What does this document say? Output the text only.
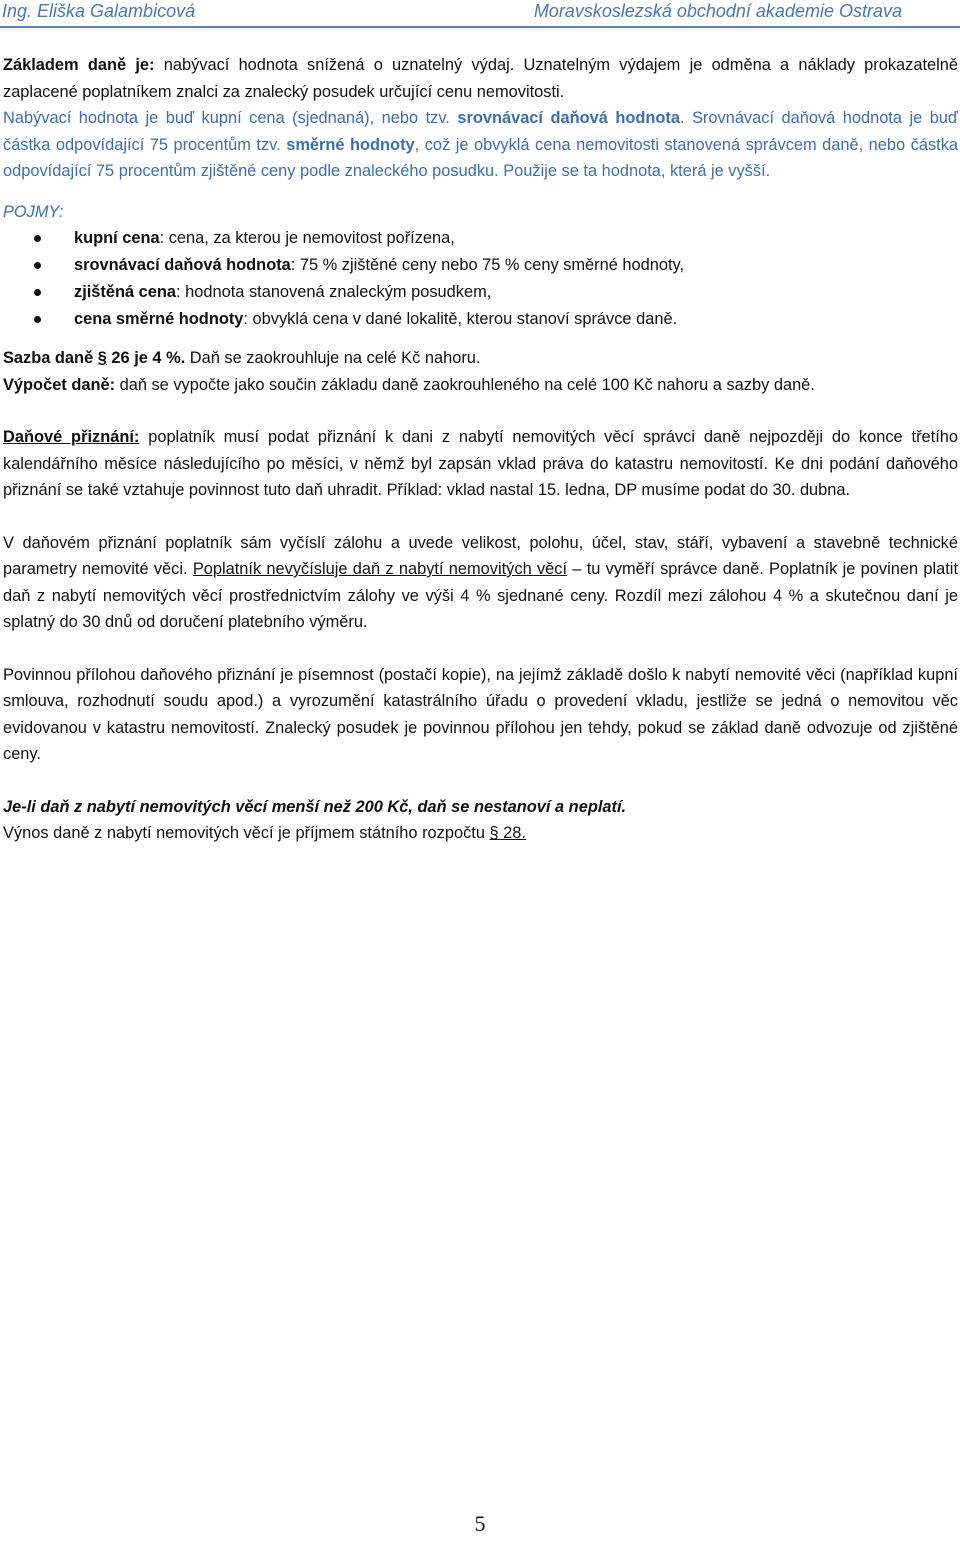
Ing. Eliška Galambicová	Moravskoslezská obchodní akademie Ostrava

Základem daně je: nabývací hodnota snížená o uznatelný výdaj. Uznatelným výdajem je odměna a náklady prokazatelně zaplacené poplatníkem znalci za znalecký posudek určující cenu nemovitosti.

Nabývací hodnota je buď kupní cena (sjednaná), nebo tzv. srovnávací daňová hodnota. Srovnávací daňová hodnota je buď částka odpovídající 75 procentům tzv. směrné hodnoty, což je obvyklá cena nemovitosti stanovená správcem daně, nebo částka odpovídající 75 procentům zjištěné ceny podle znaleckého posudku. Použije se ta hodnota, která je vyšší.

POJMY:

kupní cena: cena, za kterou je nemovitost pořízena,
srovnávací daňová hodnota: 75 % zjištěné ceny nebo 75 % ceny směrné hodnoty,
zjištěná cena: hodnota stanovená znaleckým posudkem,
cena směrné hodnoty: obvyklá cena v dané lokalitě, kterou stanoví správce daně.

Sazba daně § 26 je 4 %. Daň se zaokrouhluje na celé Kč nahoru.

Výpočet daně: daň se vypočte jako součin základu daně zaokrouhleného na celé 100 Kč nahoru a sazby daně.

Daňové přiznání: poplatník musí podat přiznání k dani z nabytí nemovitých věcí správci daně nejpozději do konce třetího kalendářního měsíce následujícího po měsíci, v němž byl zapsán vklad práva do katastru nemovitostí. Ke dni podání daňového přiznání se také vztahuje povinnost tuto daň uhradit. Příklad: vklad nastal 15. ledna, DP musíme podat do 30. dubna.

V daňovém přiznání poplatník sám vyčíslí zálohu a uvede velikost, polohu, účel, stav, stáří, vybavení a stavebně technické parametry nemovité věci. Poplatník nevyčísluje daň z nabytí nemovitých věcí – tu vyměří správce daně. Poplatník je povinen platit daň z nabytí nemovitých věcí prostřednictvím zálohy ve výši 4 % sjednané ceny. Rozdíl mezi zálohou 4 % a skutečnou daní je splatný do 30 dnů od doručení platebního výměru.

Povinnou přílohou daňového přiznání je písemnost (postačí kopie), na jejímž základě došlo k nabytí nemovité věci (například kupní smlouva, rozhodnutí soudu apod.) a vyrozumění katastrálního úřadu o provedení vkladu, jestliže se jedná o nemovitou věc evidovanou v katastru nemovitostí. Znalecký posudek je povinnou přílohou jen tehdy, pokud se základ daně odvozuje od zjištěné ceny.

Je-li daň z nabytí nemovitých věcí menší než 200 Kč, daň se nestanoví a neplatí.

Výnos daně z nabytí nemovitých věcí je příjmem státního rozpočtu § 28.

5
